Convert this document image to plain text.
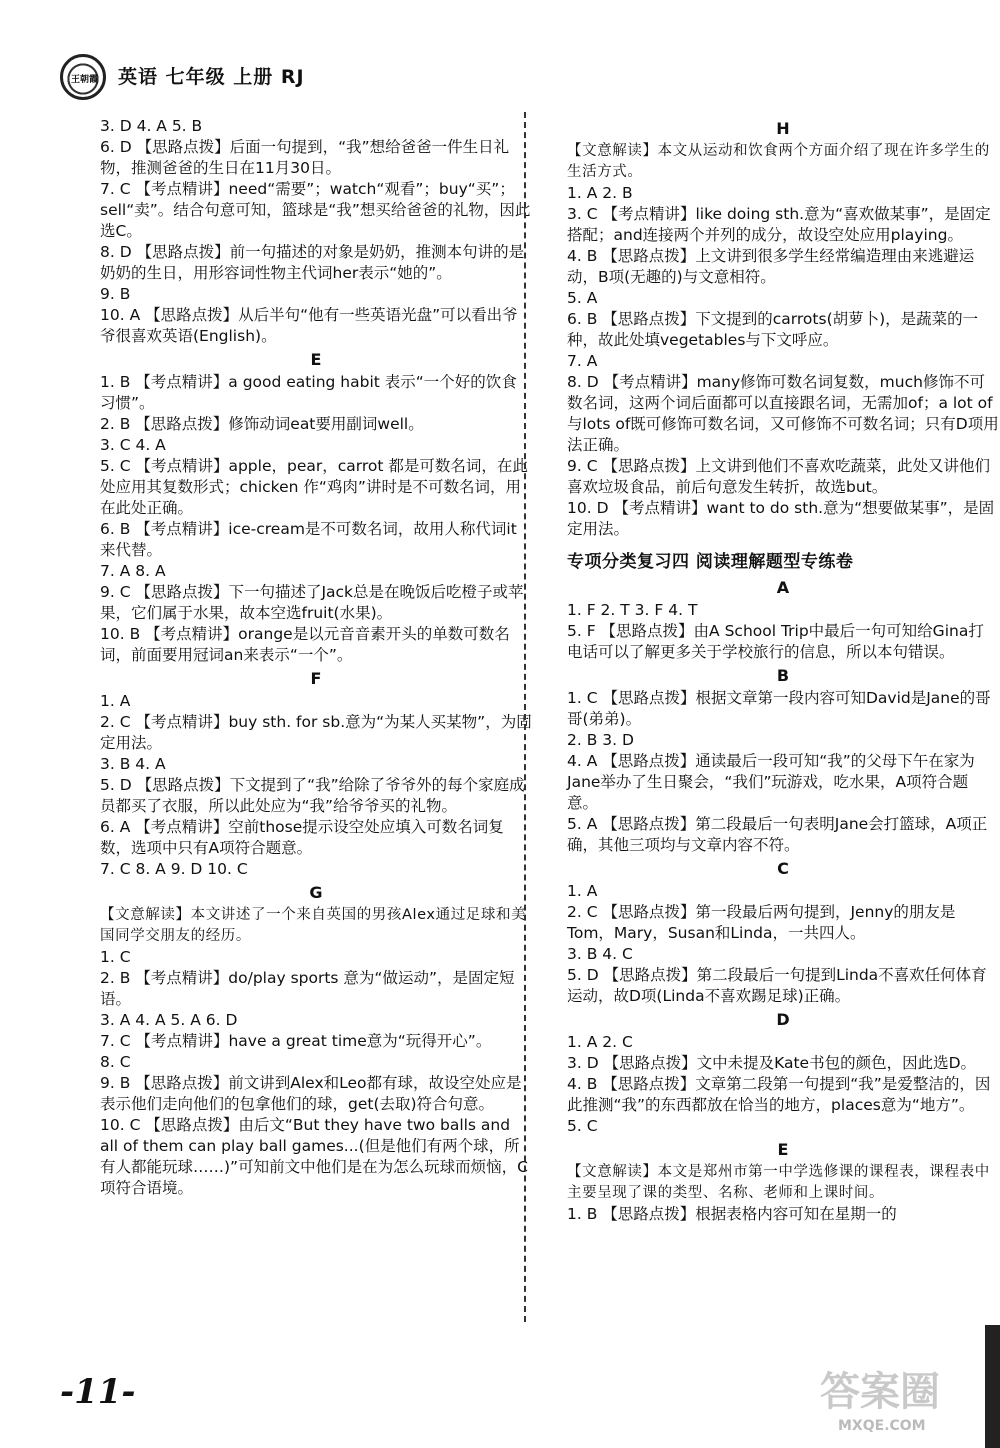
王朝霞 英语 七年级 上册 RJ
3. D 4. A 5. B
6. D 【思路点拨】后面一句提到，“我”想给爸爸一件生日礼物，推测爸爸的生日在11月30日。
7. C 【考点精讲】need“需要”；watch“观看”；buy“买”；sell“卖”。结合句意可知，篮球是“我”想买给爸爸的礼物，因此选C。
8. D 【思路点拨】前一句描述的对象是奶奶，推测本句讲的是奶奶的生日，用形容词性物主代词her表示“她的”。
9. B
10. A 【思路点拨】从后半句“他有一些英语光盘”可以看出爷爷很喜欢英语(English)。
E
1. B 【考点精讲】a good eating habit 表示“一个好的饮食习惯”。
2. B 【思路点拨】修饰动词eat要用副词well。
3. C 4. A
5. C 【考点精讲】apple，pear，carrot 都是可数名词，在此处应用其复数形式；chicken 作“鸡肉”讲时是不可数名词，用在此处正确。
6. B 【考点精讲】ice-cream是不可数名词，故用人称代词it来代替。
7. A 8. A
9. C 【思路点拨】下一句描述了Jack总是在晚饭后吃橙子或苹果，它们属于水果，故本空选fruit(水果)。
10. B 【考点精讲】orange是以元音音素开头的单数可数名词，前面要用冠词an来表示“一个”。
F
1. A
2. C 【考点精讲】buy sth. for sb.意为“为某人买某物”，为固定用法。
3. B 4. A
5. D 【思路点拨】下文提到了“我”给除了爷爷外的每个家庭成员都买了衣服，所以此处应为“我”给爷爷买的礼物。
6. A 【考点精讲】空前those提示设空处应填入可数名词复数，选项中只有A项符合题意。
7. C 8. A 9. D 10. C
G
【文意解读】本文讲述了一个来自英国的男孩Alex通过足球和美国同学交朋友的经历。
1. C
2. B 【考点精讲】do/play sports 意为“做运动”，是固定短语。
3. A 4. A 5. A 6. D
7. C 【考点精讲】have a great time意为“玩得开心”。
8. C
9. B 【思路点拨】前文讲到Alex和Leo都有球，故设空处应是表示他们走向他们的包拿他们的球，get(去取)符合句意。
10. C 【思路点拨】由后文“But they have two balls and all of them can play ball games...(但是他们有两个球，所有人都能玩球……)”可知前文中他们是在为怎么玩球而烦恼，C项符合语境。
H
【文意解读】本文从运动和饮食两个方面介绍了现在许多学生的生活方式。
1. A 2. B
3. C 【考点精讲】like doing sth.意为“喜欢做某事”，是固定搭配；and连接两个并列的成分，故设空处应用playing。
4. B 【思路点拨】上文讲到很多学生经常编造理由来逃避运动，B项(无趣的)与文意相符。
5. A
6. B 【思路点拨】下文提到的carrots(胡萝卜)，是蔬菜的一种，故此处填vegetables与下文呼应。
7. A
8. D 【考点精讲】many修饰可数名词复数，much修饰不可数名词，这两个词后面都可以直接跟名词，无需加of；a lot of与lots of既可修饰可数名词，又可修饰不可数名词；只有D项用法正确。
9. C 【思路点拨】上文讲到他们不喜欢吃蔬菜，此处又讲他们喜欢垃圾食品，前后句意发生转折，故选but。
10. D 【考点精讲】want to do sth.意为“想要做某事”，是固定用法。
专项分类复习四 阅读理解题型专练卷
A
1. F 2. T 3. F 4. T
5. F 【思路点拨】由A School Trip中最后一句可知给Gina打电话可以了解更多关于学校旅行的信息，所以本句错误。
B
1. C 【思路点拨】根据文章第一段内容可知David是Jane的哥哥(弟弟)。
2. B 3. D
4. A 【思路点拨】通读最后一段可知“我”的父母下午在家为Jane举办了生日聚会，“我们”玩游戏，吃水果，A项符合题意。
5. A 【思路点拨】第二段最后一句表明Jane会打篮球，A项正确，其他三项均与文章内容不符。
C
1. A
2. C 【思路点拨】第一段最后两句提到，Jenny的朋友是Tom，Mary，Susan和Linda，一共四人。
3. B 4. C
5. D 【思路点拨】第二段最后一句提到Linda不喜欢任何体育运动，故D项(Linda不喜欢踢足球)正确。
D
1. A 2. C
3. D 【思路点拨】文中未提及Kate书包的颜色，因此选D。
4. B 【思路点拨】文章第二段第一句提到“我”是爱整洁的，因此推测“我”的东西都放在恰当的地方，places意为“地方”。
5. C
E
【文意解读】本文是郑州市第一中学选修课的课程表，课程表中主要呈现了课的类型、名称、老师和上课时间。
1. B 【思路点拨】根据表格内容可知在星期一的
-11-	答案圈
MXQE.COM
